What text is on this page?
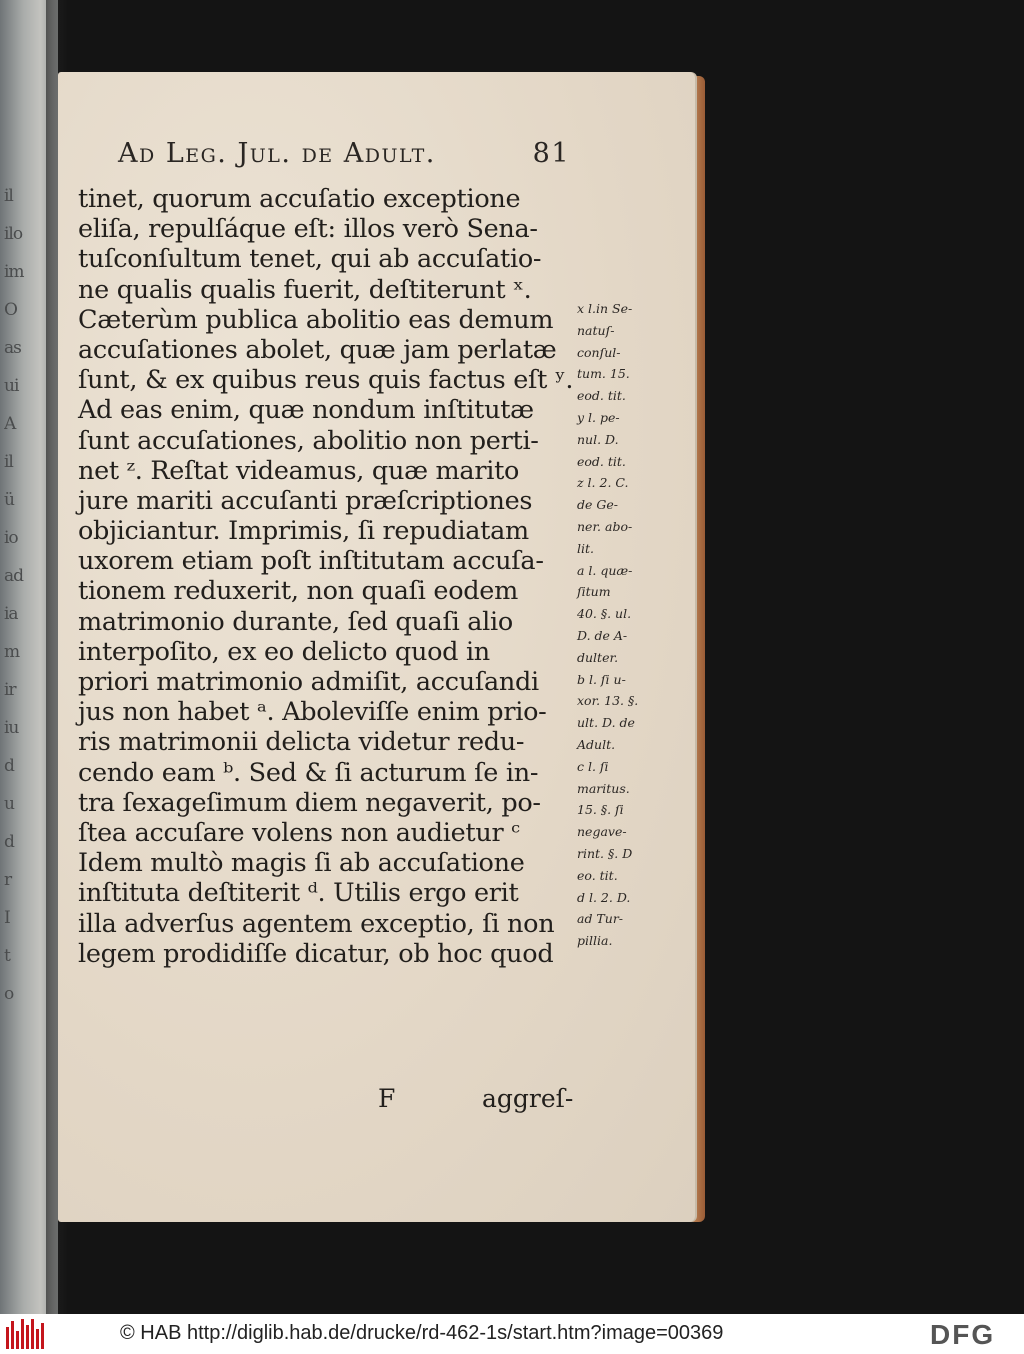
il
ilo
im
O
as
ui
A
il
ü
io
ad
ia
m
ir
iu
d
u
d
r
I
t
o
Ad Leg. Jul. de Adult.	81
tinet, quorum accuſatio exceptione
eliſa, repulſáque eſt: illos verò Sena-
tuſconſultum tenet, qui ab accuſatio-
ne qualis qualis fuerit, deſtiterunt ˣ.
Cæterùm publica abolitio eas demum
accuſationes abolet, quæ jam perlatæ
ſunt, & ex quibus reus quis factus eſt ʸ.
Ad eas enim, quæ nondum inſtitutæ
ſunt accuſationes, abolitio non perti-
net ᶻ. Reſtat videamus, quæ marito
jure mariti accuſanti præſcriptiones
objiciantur. Imprimis, ſi repudiatam
uxorem etiam poſt inſtitutam accuſa-
tionem reduxerit, non quaſi eodem
matrimonio durante, ſed quaſi alio
interpoſito, ex eo delicto quod in
priori matrimonio admiſit, accuſandi
jus non habet ᵃ. Aboleviſſe enim prio-
ris matrimonii delicta videtur redu-
cendo eam ᵇ. Sed & ſi acturum ſe in-
tra ſexageſimum diem negaverit, po-
ſtea accuſare volens non audietur ᶜ
Idem multò magis ſi ab accuſatione
inſtituta deſtiterit ᵈ. Utilis ergo erit
illa adverſus agentem exceptio, ſi non
legem prodidiſſe dicatur, ob hoc quod
x l.in Se-
natuſ-
conſul-
tum. 15.
eod. tit.
y l. pe-
nul. D.
eod. tit.
z l. 2. C.
de Ge-
ner. abo-
lit.
a l. quæ-
ſitum
40. §. ul.
D. de A-
dulter.
b l. ſi u-
xor. 13. §.
ult. D. de
Adult.
c l. ſi
maritus.
15. §. ſi
negave-
rint. §. D
eo. tit.
d l. 2. D.
ad Tur-
pillia.
F	aggreſ-
© HAB http://diglib.hab.de/drucke/rd-462-1s/start.htm?image=00369	DFG
